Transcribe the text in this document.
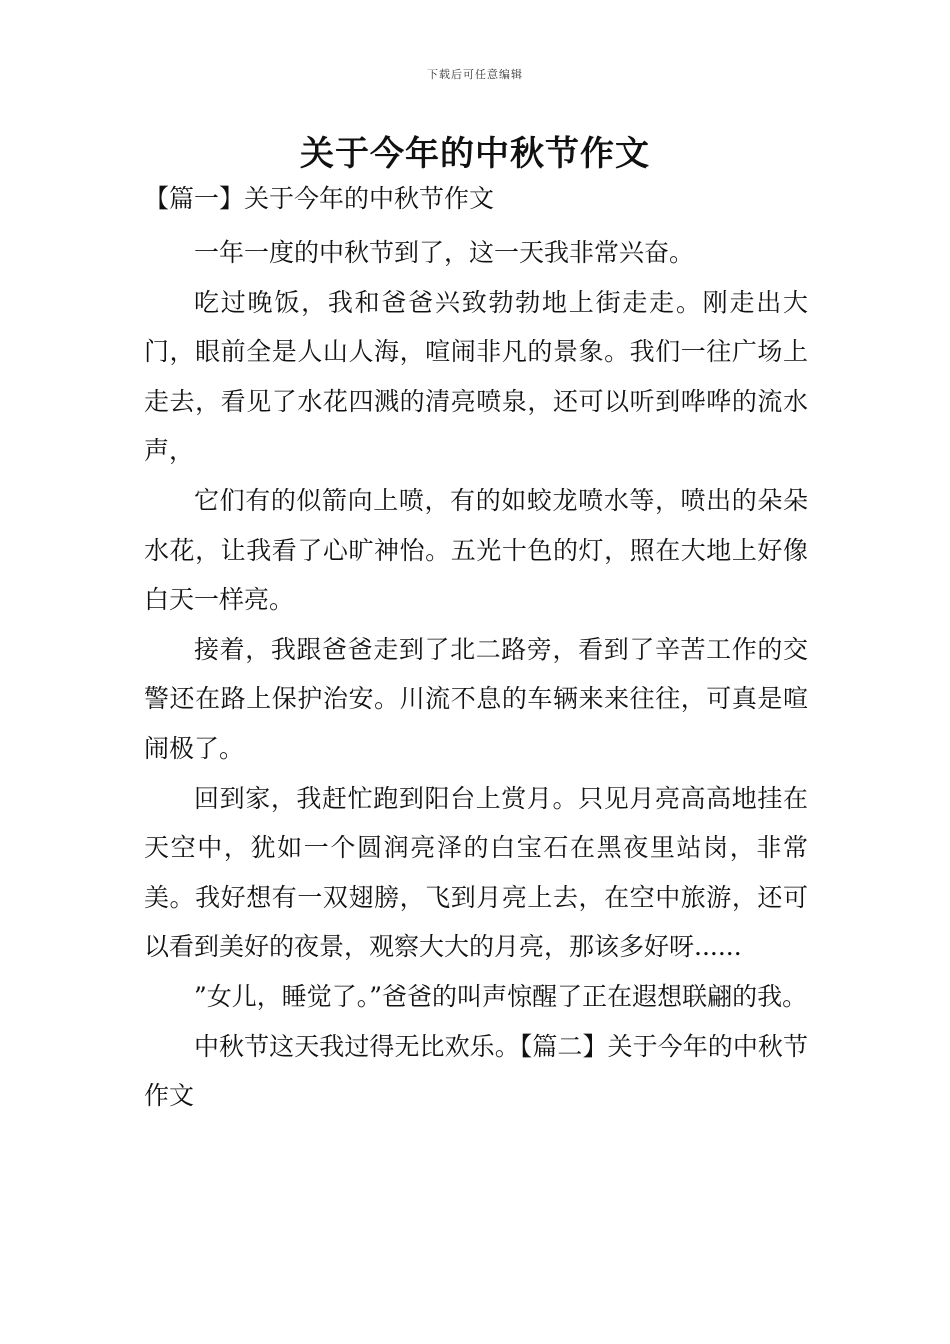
下载后可任意编辑
关于今年的中秋节作文
【篇一】关于今年的中秋节作文

一年一度的中秋节到了，这一天我非常兴奋。

吃过晚饭，我和爸爸兴致勃勃地上街走走。刚走出大门，眼前全是人山人海，喧闹非凡的景象。我们一往广场上走去，看见了水花四溅的清亮喷泉，还可以听到哗哗的流水声，

它们有的似箭向上喷，有的如蛟龙喷水等，喷出的朵朵水花，让我看了心旷神怡。五光十色的灯，照在大地上好像白天一样亮。

接着，我跟爸爸走到了北二路旁，看到了辛苦工作的交警还在路上保护治安。川流不息的车辆来来往往，可真是喧闹极了。

回到家，我赶忙跑到阳台上赏月。只见月亮高高地挂在天空中，犹如一个圆润亮泽的白宝石在黑夜里站岗，非常美。我好想有一双翅膀，飞到月亮上去，在空中旅游，还可以看到美好的夜景，观察大大的月亮，那该多好呀......

”女儿，睡觉了。”爸爸的叫声惊醒了正在遐想联翩的我。

中秋节这天我过得无比欢乐。【篇二】关于今年的中秋节作文
